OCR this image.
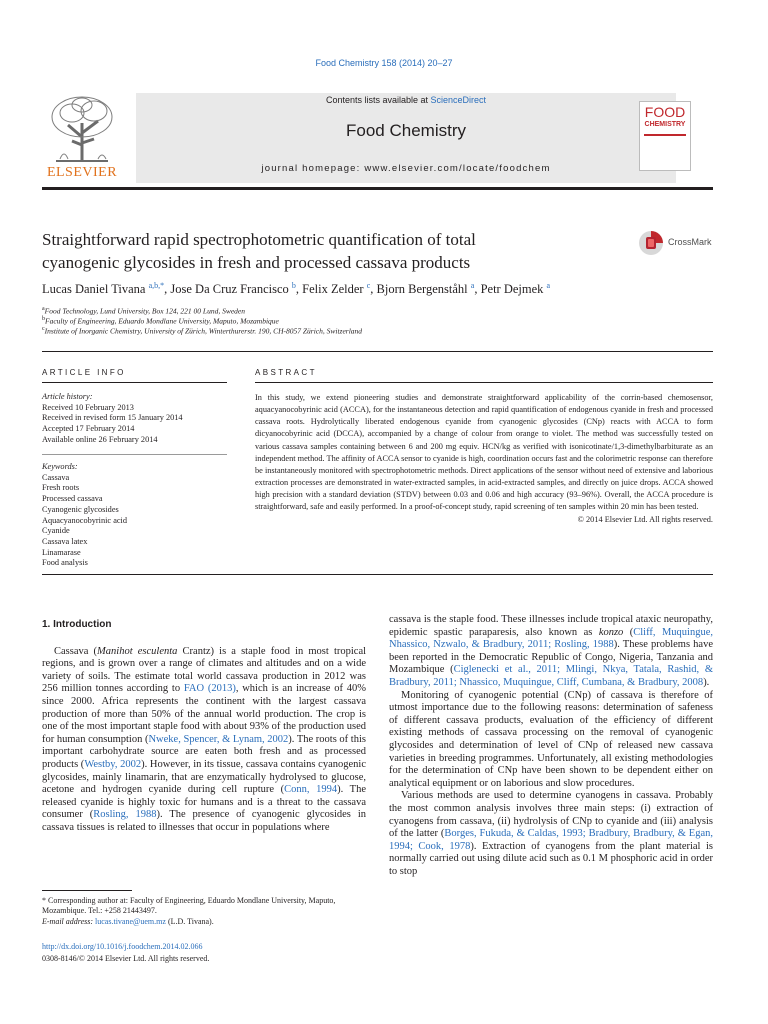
Food Chemistry 158 (2014) 20–27
ELSEVIER
Contents lists available at ScienceDirect
Food Chemistry
journal homepage: www.elsevier.com/locate/foodchem
FOOD
CHEMISTRY
Straightforward rapid spectrophotometric quantification of total
cyanogenic glycosides in fresh and processed cassava products
CrossMark
Lucas Daniel Tivana $^{a,b,*}$, Jose Da Cruz Francisco $^b$, Felix Zelder $^c$, Bjorn Bergenståhl $^a$, Petr Dejmek $^a$
$^a$Food Technology, Lund University, Box 124, 221 00 Lund, Sweden
$^b$Faculty of Engineering, Eduardo Mondlane University, Maputo, Mozambique
$^c$Institute of Inorganic Chemistry, University of Zürich, Winterthurerstr. 190, CH-8057 Zürich, Switzerland
ARTICLE INFO	ABSTRACT
Article history:
Received 10 February 2013
Received in revised form 15 January 2014
Accepted 17 February 2014
Available online 26 February 2014
Keywords:
Cassava
Fresh roots
Processed cassava
Cyanogenic glycosides
Aquacyanocobyrinic acid
Cyanide
Cassava latex
Linamarase
Food analysis
In this study, we extend pioneering studies and demonstrate straightforward applicability of the corrin-based chemosensor, aquacyanocobyrinic acid (ACCA), for the instantaneous detection and rapid quantification of endogenous cyanide in fresh and processed cassava roots. Hydrolytically liberated endogenous cyanide from cyanogenic glycosides (CNp) reacts with ACCA to form dicyanocobyrinic acid (DCCA), accompanied by a change of colour from orange to violet. The method was successfully tested on various cassava samples containing between 6 and 200 mg equiv. HCN/kg as verified with isonicotinate/1,3-dimethylbarbiturate as an independent method. The affinity of ACCA sensor to cyanide is high, coordination occurs fast and the colorimetric response can therefore be instantaneously monitored with spectrophotometric methods. Direct applications of the sensor without need of extensive and laborious extraction processes are demonstrated in water-extracted samples, in acid-extracted samples, and directly on juice drops. ACCA showed high precision with a standard deviation (STDV) between 0.03 and 0.06 and high accuracy (93–96%). Overall, the ACCA procedure is straightforward, safe and easily performed. In a proof-of-concept study, rapid screening of ten samples within 20 min has been tested.
© 2014 Elsevier Ltd. All rights reserved.
1. Introduction

Cassava (Manihot esculenta Crantz) is a staple food in most tropical regions, and is grown over a range of climates and altitudes and on a wide variety of soils. The estimate total world cassava production in 2012 was 256 million tonnes according to FAO (2013), which is an increase of 40% since 2000. Africa represents the continent with the largest cassava production of more than 50% of the annual world production. The crop is one of the most important staple food with about 93% of the production used for human consumption (Nweke, Spencer, & Lynam, 2002). The roots of this important carbohydrate source are eaten both fresh and as processed products (Westby, 2002). However, in its tissue, cassava contains cyanogenic glycosides, mainly linamarin, that are enzymatically hydrolysed to glucose, acetone and hydrogen cyanide during cell rupture (Conn, 1994). The released cyanide is highly toxic for humans and is a threat to the cassava consumer (Rosling, 1988). The presence of cyanogenic glycosides in cassava tissues is related to illnesses that occur in populations where

cassava is the staple food. These illnesses include tropical ataxic neuropathy, epidemic spastic paraparesis, also known as konzo (Cliff, Muquingue, Nhassico, Nzwalo, & Bradbury, 2011; Rosling, 1988). These problems have been reported in the Democratic Republic of Congo, Nigeria, Tanzania and Mozambique (Ciglenecki et al., 2011; Mlingi, Nkya, Tatala, Rashid, & Bradbury, 2011; Nhassico, Muquingue, Cliff, Cumbana, & Bradbury, 2008).

Monitoring of cyanogenic potential (CNp) of cassava is therefore of utmost importance due to the following reasons: determination of safeness of different cassava products, evaluation of the efficiency of different existing methods of cassava processing on the removal of cyanogenic glycosides and determination of level of CNp of released new cassava varieties in breeding programmes. Unfortunately, all existing methodologies for the determination of CNp have been shown to be dependent either on analytical equipment or on laborious and slow procedures.

Various methods are used to determine cyanogens in cassava. Probably the most common analysis involves three main steps: (i) extraction of cyanogens from cassava, (ii) hydrolysis of CNp to cyanide and (iii) analysis of the latter (Borges, Fukuda, & Caldas, 1993; Bradbury, Bradbury, & Egan, 1994; Cook, 1978). Extraction of cyanogens from the plant material is normally carried out using dilute acid such as 0.1 M phosphoric acid in order to stop

* Corresponding author at: Faculty of Engineering, Eduardo Mondlane University, Maputo, Mozambique. Tel.: +258 21443497.
E-mail address: lucas.tivane@uem.mz (L.D. Tivana).
http://dx.doi.org/10.1016/j.foodchem.2014.02.066
0308-8146/© 2014 Elsevier Ltd. All rights reserved.
